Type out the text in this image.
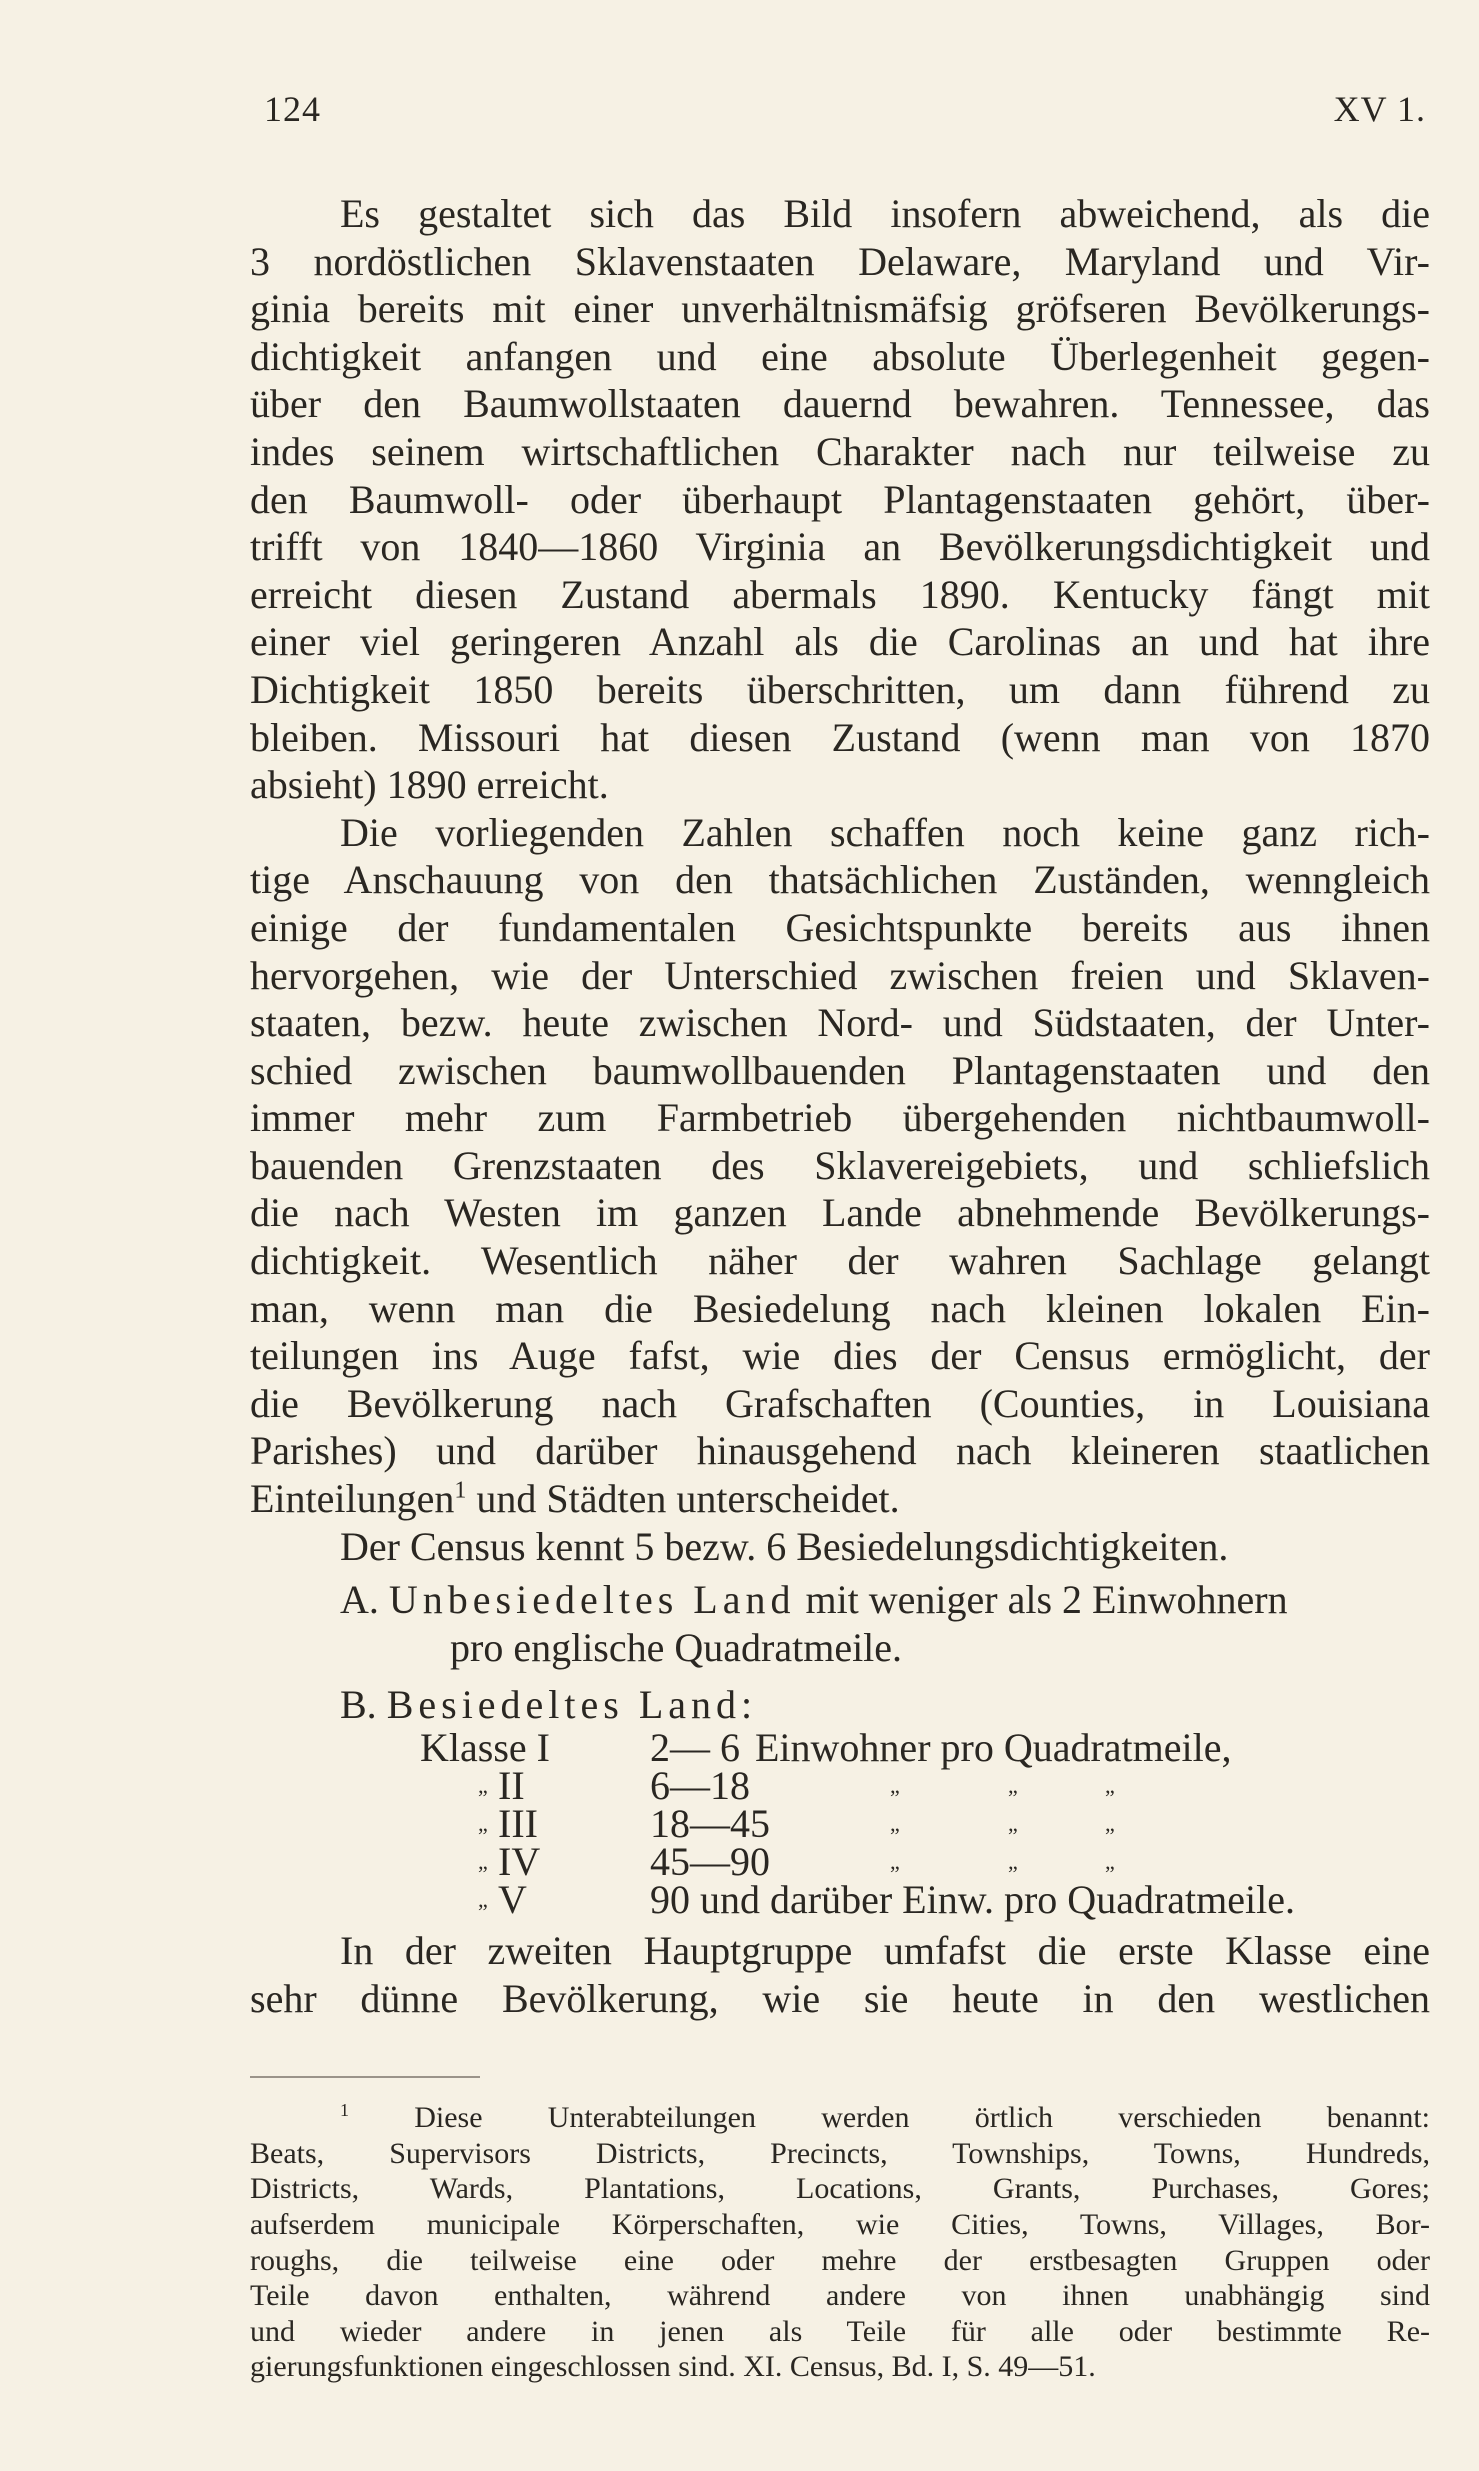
124	XV 1.
Es gestaltet sich das Bild insofern abweichend, als die
3 nordöstlichen Sklavenstaaten Delaware, Maryland und Vir-
ginia bereits mit einer unverhältnismäfsig gröfseren Bevölkerungs-
dichtigkeit anfangen und eine absolute Überlegenheit gegen-
über den Baumwollstaaten dauernd bewahren. Tennessee, das
indes seinem wirtschaftlichen Charakter nach nur teilweise zu
den Baumwoll- oder überhaupt Plantagenstaaten gehört, über-
trifft von 1840—1860 Virginia an Bevölkerungsdichtigkeit und
erreicht diesen Zustand abermals 1890. Kentucky fängt mit
einer viel geringeren Anzahl als die Carolinas an und hat ihre
Dichtigkeit 1850 bereits überschritten, um dann führend zu
bleiben. Missouri hat diesen Zustand (wenn man von 1870
absieht) 1890 erreicht.
Die vorliegenden Zahlen schaffen noch keine ganz rich-
tige Anschauung von den thatsächlichen Zuständen, wenngleich
einige der fundamentalen Gesichtspunkte bereits aus ihnen
hervorgehen, wie der Unterschied zwischen freien und Sklaven-
staaten, bezw. heute zwischen Nord- und Südstaaten, der Unter-
schied zwischen baumwollbauenden Plantagenstaaten und den
immer mehr zum Farmbetrieb übergehenden nichtbaumwoll-
bauenden Grenzstaaten des Sklavereigebiets, und schliefslich
die nach Westen im ganzen Lande abnehmende Bevölkerungs-
dichtigkeit. Wesentlich näher der wahren Sachlage gelangt
man, wenn man die Besiedelung nach kleinen lokalen Ein-
teilungen ins Auge fafst, wie dies der Census ermöglicht, der
die Bevölkerung nach Grafschaften (Counties, in Louisiana
Parishes) und darüber hinausgehend nach kleineren staatlichen
Einteilungen$^1$ und Städten unterscheidet.
Der Census kennt 5 bezw. 6 Besiedelungsdichtigkeiten.
A. Unbesiedeltes Land mit weniger als 2 Einwohnern
pro englische Quadratmeile.
B. Besiedeltes Land:
Klasse I	2— 6 Einwohner pro Quadratmeile,
„ II	6—18	„	„	„
„ III	18—45	„	„	„
„ IV	45—90	„	„	„
„ V	90 und darüber Einw. pro Quadratmeile.
In der zweiten Hauptgruppe umfafst die erste Klasse eine
sehr dünne Bevölkerung, wie sie heute in den westlichen
$^1$ Diese Unterabteilungen werden örtlich verschieden benannt:
Beats, Supervisors Districts, Precincts, Townships, Towns, Hundreds,
Districts, Wards, Plantations, Locations, Grants, Purchases, Gores;
aufserdem municipale Körperschaften, wie Cities, Towns, Villages, Bor-
roughs, die teilweise eine oder mehre der erstbesagten Gruppen oder
Teile davon enthalten, während andere von ihnen unabhängig sind
und wieder andere in jenen als Teile für alle oder bestimmte Re-
gierungsfunktionen eingeschlossen sind. XI. Census, Bd. I, S. 49—51.
